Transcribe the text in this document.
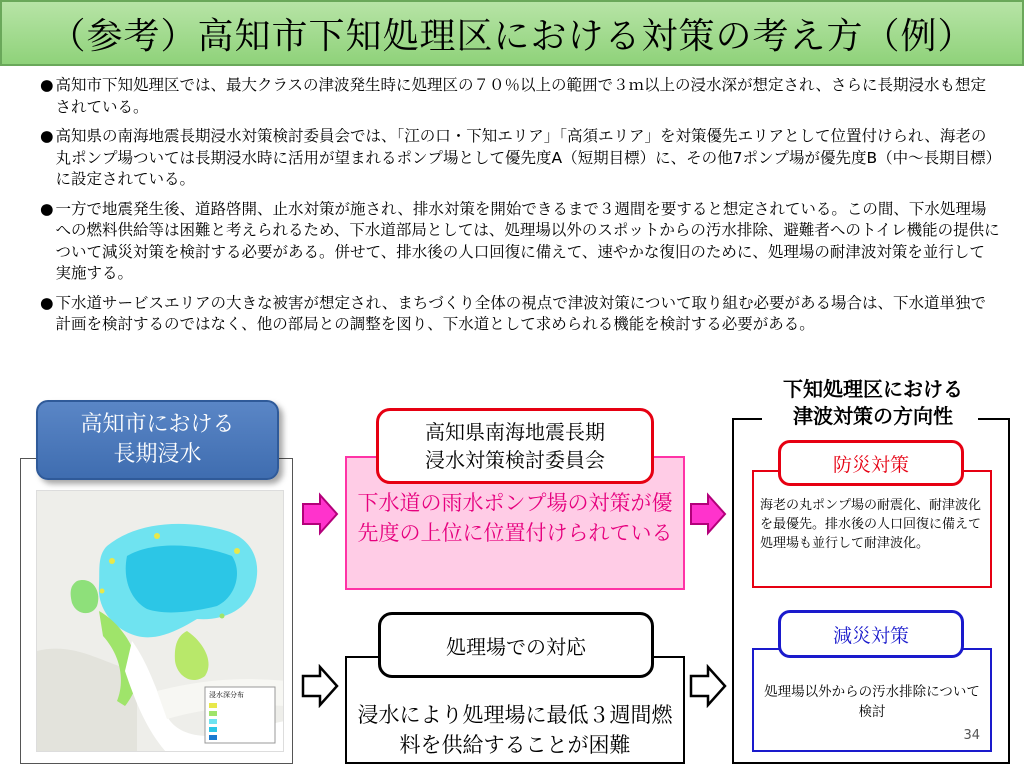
（参考）高知市下知処理区における対策の考え方（例）
● 高知市下知処理区では、最大クラスの津波発生時に処理区の７０％以上の範囲で３ｍ以上の浸水深が想定され、さらに長期浸水も想定されている。
● 高知県の南海地震長期浸水対策検討委員会では、「江の口・下知エリア」「高須エリア」を対策優先エリアとして位置付けられ、海老の丸ポンプ場ついては長期浸水時に活用が望まれるポンプ場として優先度A（短期目標）に、その他7ポンプ場が優先度B（中～長期目標）に設定されている。
● 一方で地震発生後、道路啓開、止水対策が施され、排水対策を開始できるまで３週間を要すると想定されている。この間、下水処理場への燃料供給等は困難と考えられるため、下水道部局としては、処理場以外のスポットからの汚水排除、避難者へのトイレ機能の提供について減災対策を検討する必要がある。併せて、排水後の人口回復に備えて、速やかな復旧のために、処理場の耐津波対策を並行して実施する。
● 下水道サービスエリアの大きな被害が想定され、まちづくり全体の視点で津波対策について取り組む必要がある場合は、下水道単独で計画を検討するのではなく、他の部局との調整を図り、下水道として求められる機能を検討する必要がある。
浸水深分布
高知市における
長期浸水
下水道の雨水ポンプ場の対策が優先度の上位に位置付けられている
高知県南海地震長期
浸水対策検討委員会
浸水により処理場に最低３週間燃料を供給することが困難
処理場での対応
下知処理区における
津波対策の方向性
海老の丸ポンプ場の耐震化、耐津波化を最優先。排水後の人口回復に備えて処理場も並行して耐津波化。
防災対策
処理場以外からの汚水排除について検討
減災対策
34
